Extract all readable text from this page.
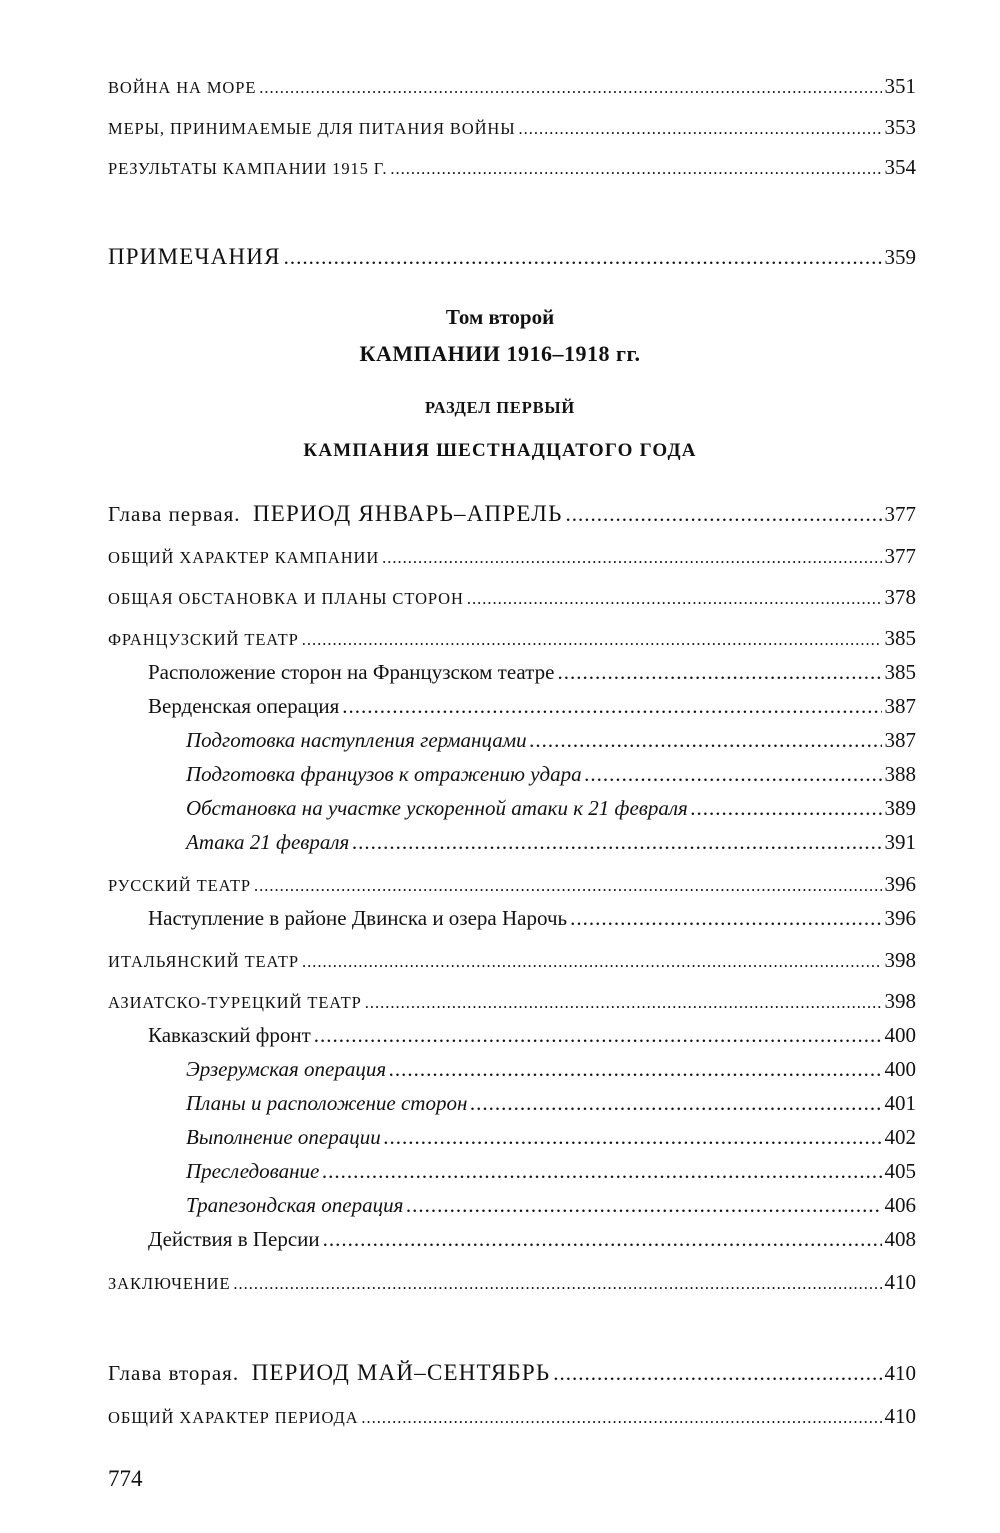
ВОЙНА НА МОРЕ .....	351
МЕРЫ, ПРИНИМАЕМЫЕ ДЛЯ ПИТАНИЯ ВОЙНЫ .....	353
РЕЗУЛЬТАТЫ КАМПАНИИ 1915 Г. .....	354
ПРИМЕЧАНИЯ .....	359
Том второй
КАМПАНИИ 1916–1918 гг.
РАЗДЕЛ ПЕРВЫЙ
КАМПАНИЯ ШЕСТНАДЦАТОГО ГОДА
Глава первая. ПЕРИОД ЯНВАРЬ–АПРЕЛЬ .....	377
ОБЩИЙ ХАРАКТЕР КАМПАНИИ .....	377
ОБЩАЯ ОБСТАНОВКА И ПЛАНЫ СТОРОН .....	378
ФРАНЦУЗСКИЙ ТЕАТР .....	385
Расположение сторон на Французском театре .....	385
Верденская операция .....	387
Подготовка наступления германцами .....	387
Подготовка французов к отражению удара .....	388
Обстановка на участке ускоренной атаки к 21 февраля .....	389
Атака 21 февраля .....	391
РУССКИЙ ТЕАТР .....	396
Наступление в районе Двинска и озера Нарочь .....	396
ИТАЛЬЯНСКИЙ ТЕАТР .....	398
АЗИАТСКО-ТУРЕЦКИЙ ТЕАТР .....	398
Кавказский фронт .....	400
Эрзерумская операция .....	400
Планы и расположение сторон .....	401
Выполнение операции .....	402
Преследование .....	405
Трапезондская операция .....	406
Действия в Персии .....	408
ЗАКЛЮЧЕНИЕ .....	410
Глава вторая. ПЕРИОД МАЙ–СЕНТЯБРЬ .....	410
ОБЩИЙ ХАРАКТЕР ПЕРИОДА .....	410
774
